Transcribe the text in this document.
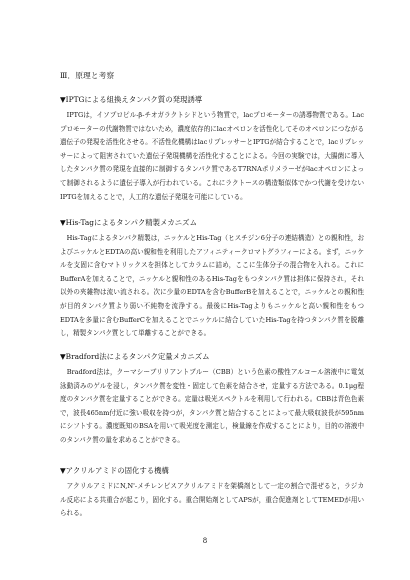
Ⅲ．原理と考察

▼IPTGによる組換えタンパク質の発現誘導

　IPTGは，イソプロピル-β-チオガラクトシドという物質で，lacプロモーターの誘導物質である。Lacプロモーターの代謝物質ではないため，濃度依存的にlacオペロンを活性化してそのオペロンにつながる遺伝子の発現を活性化させる。不活性化機構はlacリプレッサーとIPTGが結合することで，lacリプレッサーによって阻害されていた遺伝子発現機構を活性化することによる。今回の実験では，大腸菌に導入したタンパク質の発現を直接的に制御するタンパク質であるT7RNAポリメラーゼがlacオペロンによって制御されるように遺伝子導入が行われている。これにラクトースの構造類似体でかつ代謝を受けないIPTGを加えることで，人工的な遺伝子発現を可能にしている。

▼His-Tagによるタンパク精製メカニズム

　His-Tagによるタンパク精製は，ニッケルとHis-Tag（ヒスチジン6分子の連結構造）との親和性，およびニッケルとEDTAの高い親和性を利用したアフィニティークロマトグラフィーによる。まず，ニッケルを支固に含むマトリックスを担体としてカラムに詰め，ここに生体分子の混合物を入れる。これにBufferAを加えることで，ニッケルと親和性のあるHis-Tagをもつタンパク質は担体に保持され，それ以外の夾雑物は流い流される。次に少量のEDTAを含むBufferBを加えることで，ニッケルとの親和性が目的タンパク質より弱い不純物を流浄する。最後にHis-Tagよりもニッケルと高い親和性をもつEDTAを多量に含むBufferCを加えることでニッケルに結合していたHis-Tagを持つタンパク質を脱離し，精製タンパク質として単離することができる。

▼Bradford法によるタンパク定量メカニズム

　Bradford法は，クーマシーブリリアントブルー（CBB）という色素の酸性アルコール溶液中に電気泳動済みのゲルを浸し，タンパク質を変性・固定して色素を結合させ，定量する方法である。0.1μg程度のタンパク質を定量することができる。定量は吸光スペクトルを利用して行われる。CBBは青色色素で，波長465nm付近に強い吸収を持つが，タンパク質と結合することによって最大吸収波長が595nmにシフトする。濃度既知のBSAを用いて吸光度を測定し，検量線を作成することにより，目的の溶液中のタンパク質の量を求めることができる。

▼アクリルアミドの固化する機構

　アクリルアミドにN,N'-メチレンビスアクリルアミドを架橋剤として一定の割合で混ぜると，ラジカル反応による共重合が起こり，固化する。重合開始剤としてAPSが，重合促進剤としてTEMEDが用いられる。

8
